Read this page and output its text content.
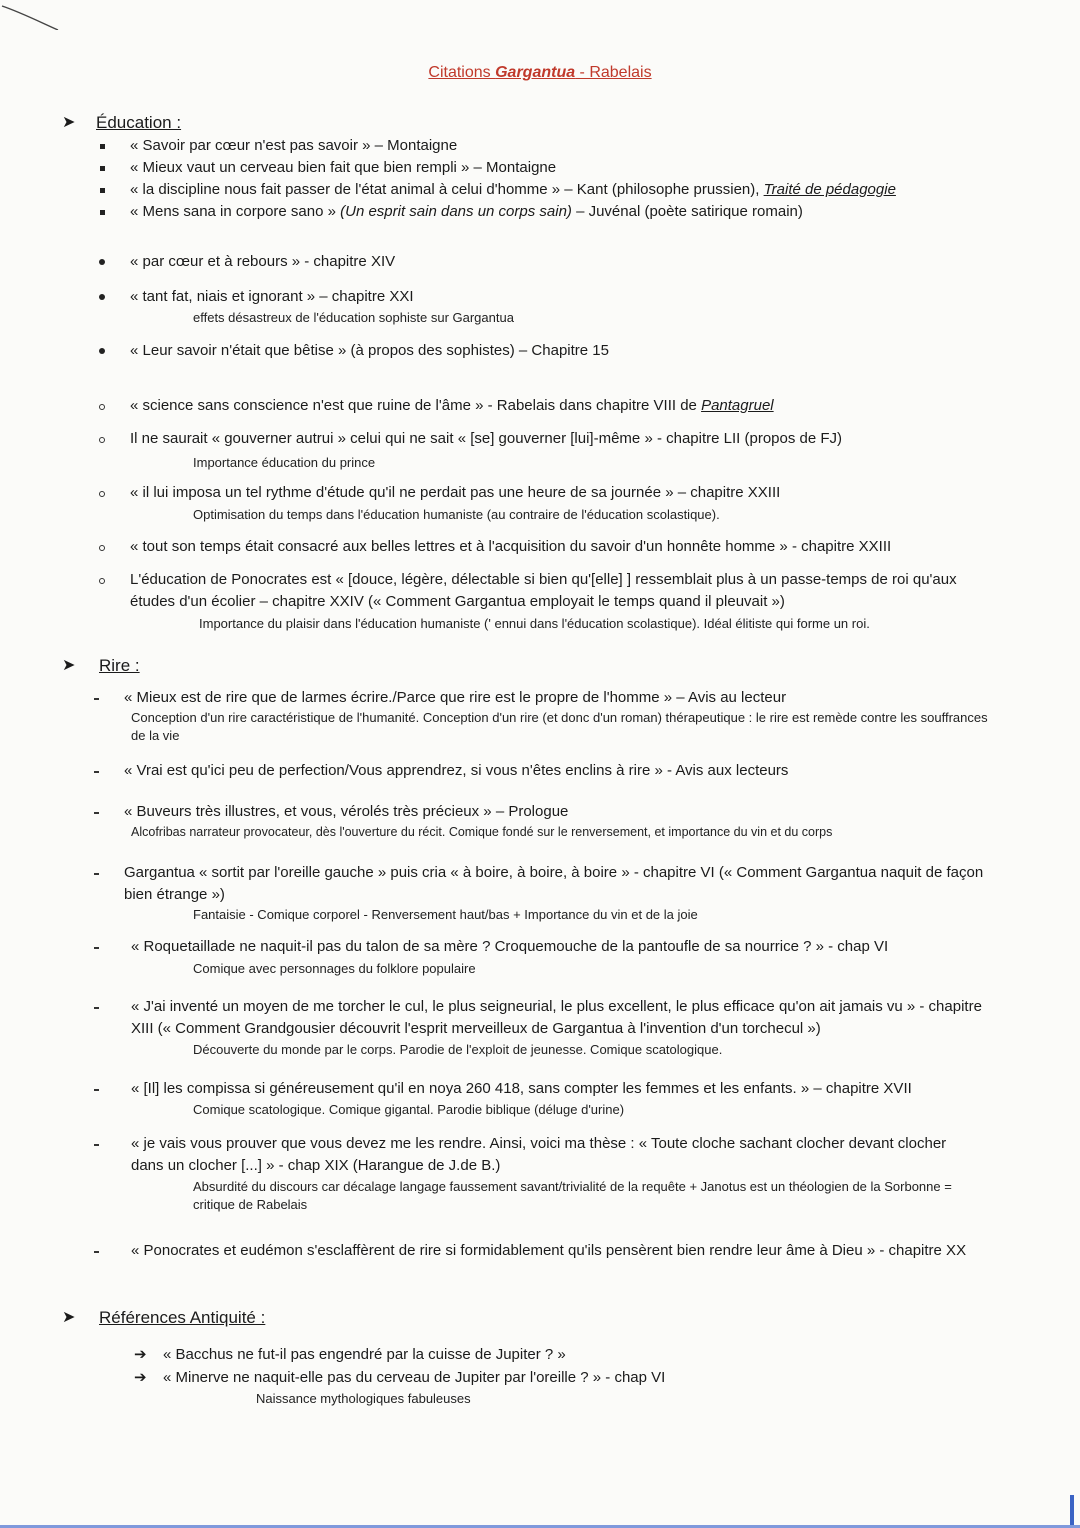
Citations Gargantua - Rabelais
➤ Éducation :
« Savoir par cœur n'est pas savoir » – Montaigne
« Mieux vaut un cerveau bien fait que bien rempli » – Montaigne
« la discipline nous fait passer de l'état animal à celui d'homme » – Kant (philosophe prussien), Traité de pédagogie
« Mens sana in corpore sano » (Un esprit sain dans un corps sain) – Juvénal (poète satirique romain)
« par cœur et à rebours » - chapitre XIV
« tant fat, niais et ignorant » – chapitre XXI
effets désastreux de l'éducation sophiste sur Gargantua
« Leur savoir n'était que bêtise » (à propos des sophistes) – Chapitre 15
« science sans conscience n'est que ruine de l'âme » - Rabelais dans chapitre VIII de Pantagruel
Il ne saurait « gouverner autrui » celui qui ne sait « [se] gouverner [lui]-même » - chapitre LII (propos de FJ)
Importance éducation du prince
« il lui imposa un tel rythme d'étude qu'il ne perdait pas une heure de sa journée » – chapitre XXIII
Optimisation du temps dans l'éducation humaniste (au contraire de l'éducation scolastique).
« tout son temps était consacré aux belles lettres et à l'acquisition du savoir d'un honnête homme » - chapitre XXIII
L'éducation de Ponocrates est « [douce, légère, délectable si bien qu'[elle] ] ressemblait plus à un passe-temps de roi qu'aux études d'un écolier – chapitre XXIV (« Comment Gargantua employait le temps quand il pleuvait »)
Importance du plaisir dans l'éducation humaniste (' ennui dans l'éducation scolastique). Idéal élitiste qui forme un roi.
➤ Rire :
« Mieux est de rire que de larmes écrire./Parce que rire est le propre de l'homme » – Avis au lecteur
Conception d'un rire caractéristique de l'humanité. Conception d'un rire (et donc d'un roman) thérapeutique : le rire est remède contre les souffrances de la vie
« Vrai est qu'ici peu de perfection/Vous apprendrez, si vous n'êtes enclins à rire » - Avis aux lecteurs
« Buveurs très illustres, et vous, vérolés très précieux » – Prologue
Alcofribas narrateur provocateur, dès l'ouverture du récit. Comique fondé sur le renversement, et importance du vin et du corps
Gargantua « sortit par l'oreille gauche » puis cria « à boire, à boire, à boire » - chapitre VI (« Comment Gargantua naquit de façon bien étrange »)
Fantaisie - Comique corporel - Renversement haut/bas + Importance du vin et de la joie
« Roquetaillade ne naquit-il pas du talon de sa mère ? Croquemouche de la pantoufle de sa nourrice ? » - chap VI
Comique avec personnages du folklore populaire
« J'ai inventé un moyen de me torcher le cul, le plus seigneurial, le plus excellent, le plus efficace qu'on ait jamais vu » - chapitre XIII (« Comment Grandgousier découvrit l'esprit merveilleux de Gargantua à l'invention d'un torchecul »)
Découverte du monde par le corps. Parodie de l'exploit de jeunesse. Comique scatologique.
« [Il] les compissa si généreusement qu'il en noya 260 418, sans compter les femmes et les enfants. » – chapitre XVII
Comique scatologique. Comique gigantal. Parodie biblique (déluge d'urine)
« je vais vous prouver que vous devez me les rendre. Ainsi, voici ma thèse : « Toute cloche sachant clocher devant clocher dans un clocher [...] » - chap XIX (Harangue de J.de B.)
Absurdité du discours car décalage langage faussement savant/trivialité de la requête + Janotus est un théologien de la Sorbonne = critique de Rabelais
« Ponocrates et eudémon s'esclaffèrent de rire si formidablement qu'ils pensèrent bien rendre leur âme à Dieu » - chapitre XX
➤ Références Antiquité :
➔ « Bacchus ne fut-il pas engendré par la cuisse de Jupiter ? »
➔ « Minerve ne naquit-elle pas du cerveau de Jupiter par l'oreille ? » - chap VI
Naissance mythologiques fabuleuses
